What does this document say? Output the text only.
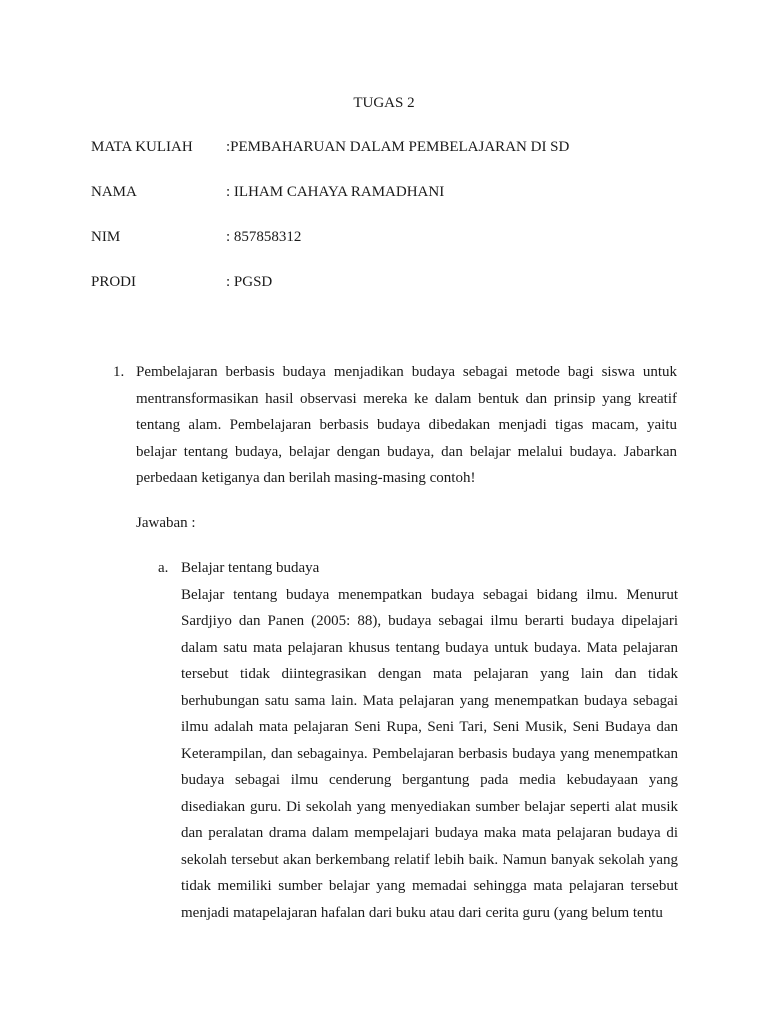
TUGAS 2
MATA KULIAH :PEMBAHARUAN DALAM PEMBELAJARAN DI SD
NAMA	: ILHAM CAHAYA RAMADHANI
NIM	: 857858312
PRODI	: PGSD
1. Pembelajaran berbasis budaya menjadikan budaya sebagai metode bagi siswa untuk mentransformasikan hasil observasi mereka ke dalam bentuk dan prinsip yang kreatif tentang alam. Pembelajaran berbasis budaya dibedakan menjadi tigas macam, yaitu belajar tentang budaya, belajar dengan budaya, dan belajar melalui budaya. Jabarkan perbedaan ketiganya dan berilah masing-masing contoh!
Jawaban :
a. Belajar tentang budaya
Belajar tentang budaya menempatkan budaya sebagai bidang ilmu. Menurut Sardjiyo dan Panen (2005: 88), budaya sebagai ilmu berarti budaya dipelajari dalam satu mata pelajaran khusus tentang budaya untuk budaya. Mata pelajaran tersebut tidak diintegrasikan dengan mata pelajaran yang lain dan tidak berhubungan satu sama lain. Mata pelajaran yang menempatkan budaya sebagai ilmu adalah mata pelajaran Seni Rupa, Seni Tari, Seni Musik, Seni Budaya dan Keterampilan, dan sebagainya. Pembelajaran berbasis budaya yang menempatkan budaya sebagai ilmu cenderung bergantung pada media kebudayaan yang disediakan guru. Di sekolah yang menyediakan sumber belajar seperti alat musik dan peralatan drama dalam mempelajari budaya maka mata pelajaran budaya di sekolah tersebut akan berkembang relatif lebih baik. Namun banyak sekolah yang tidak memiliki sumber belajar yang memadai sehingga mata pelajaran tersebut menjadi matapelajaran hafalan dari buku atau dari cerita guru (yang belum tentu
